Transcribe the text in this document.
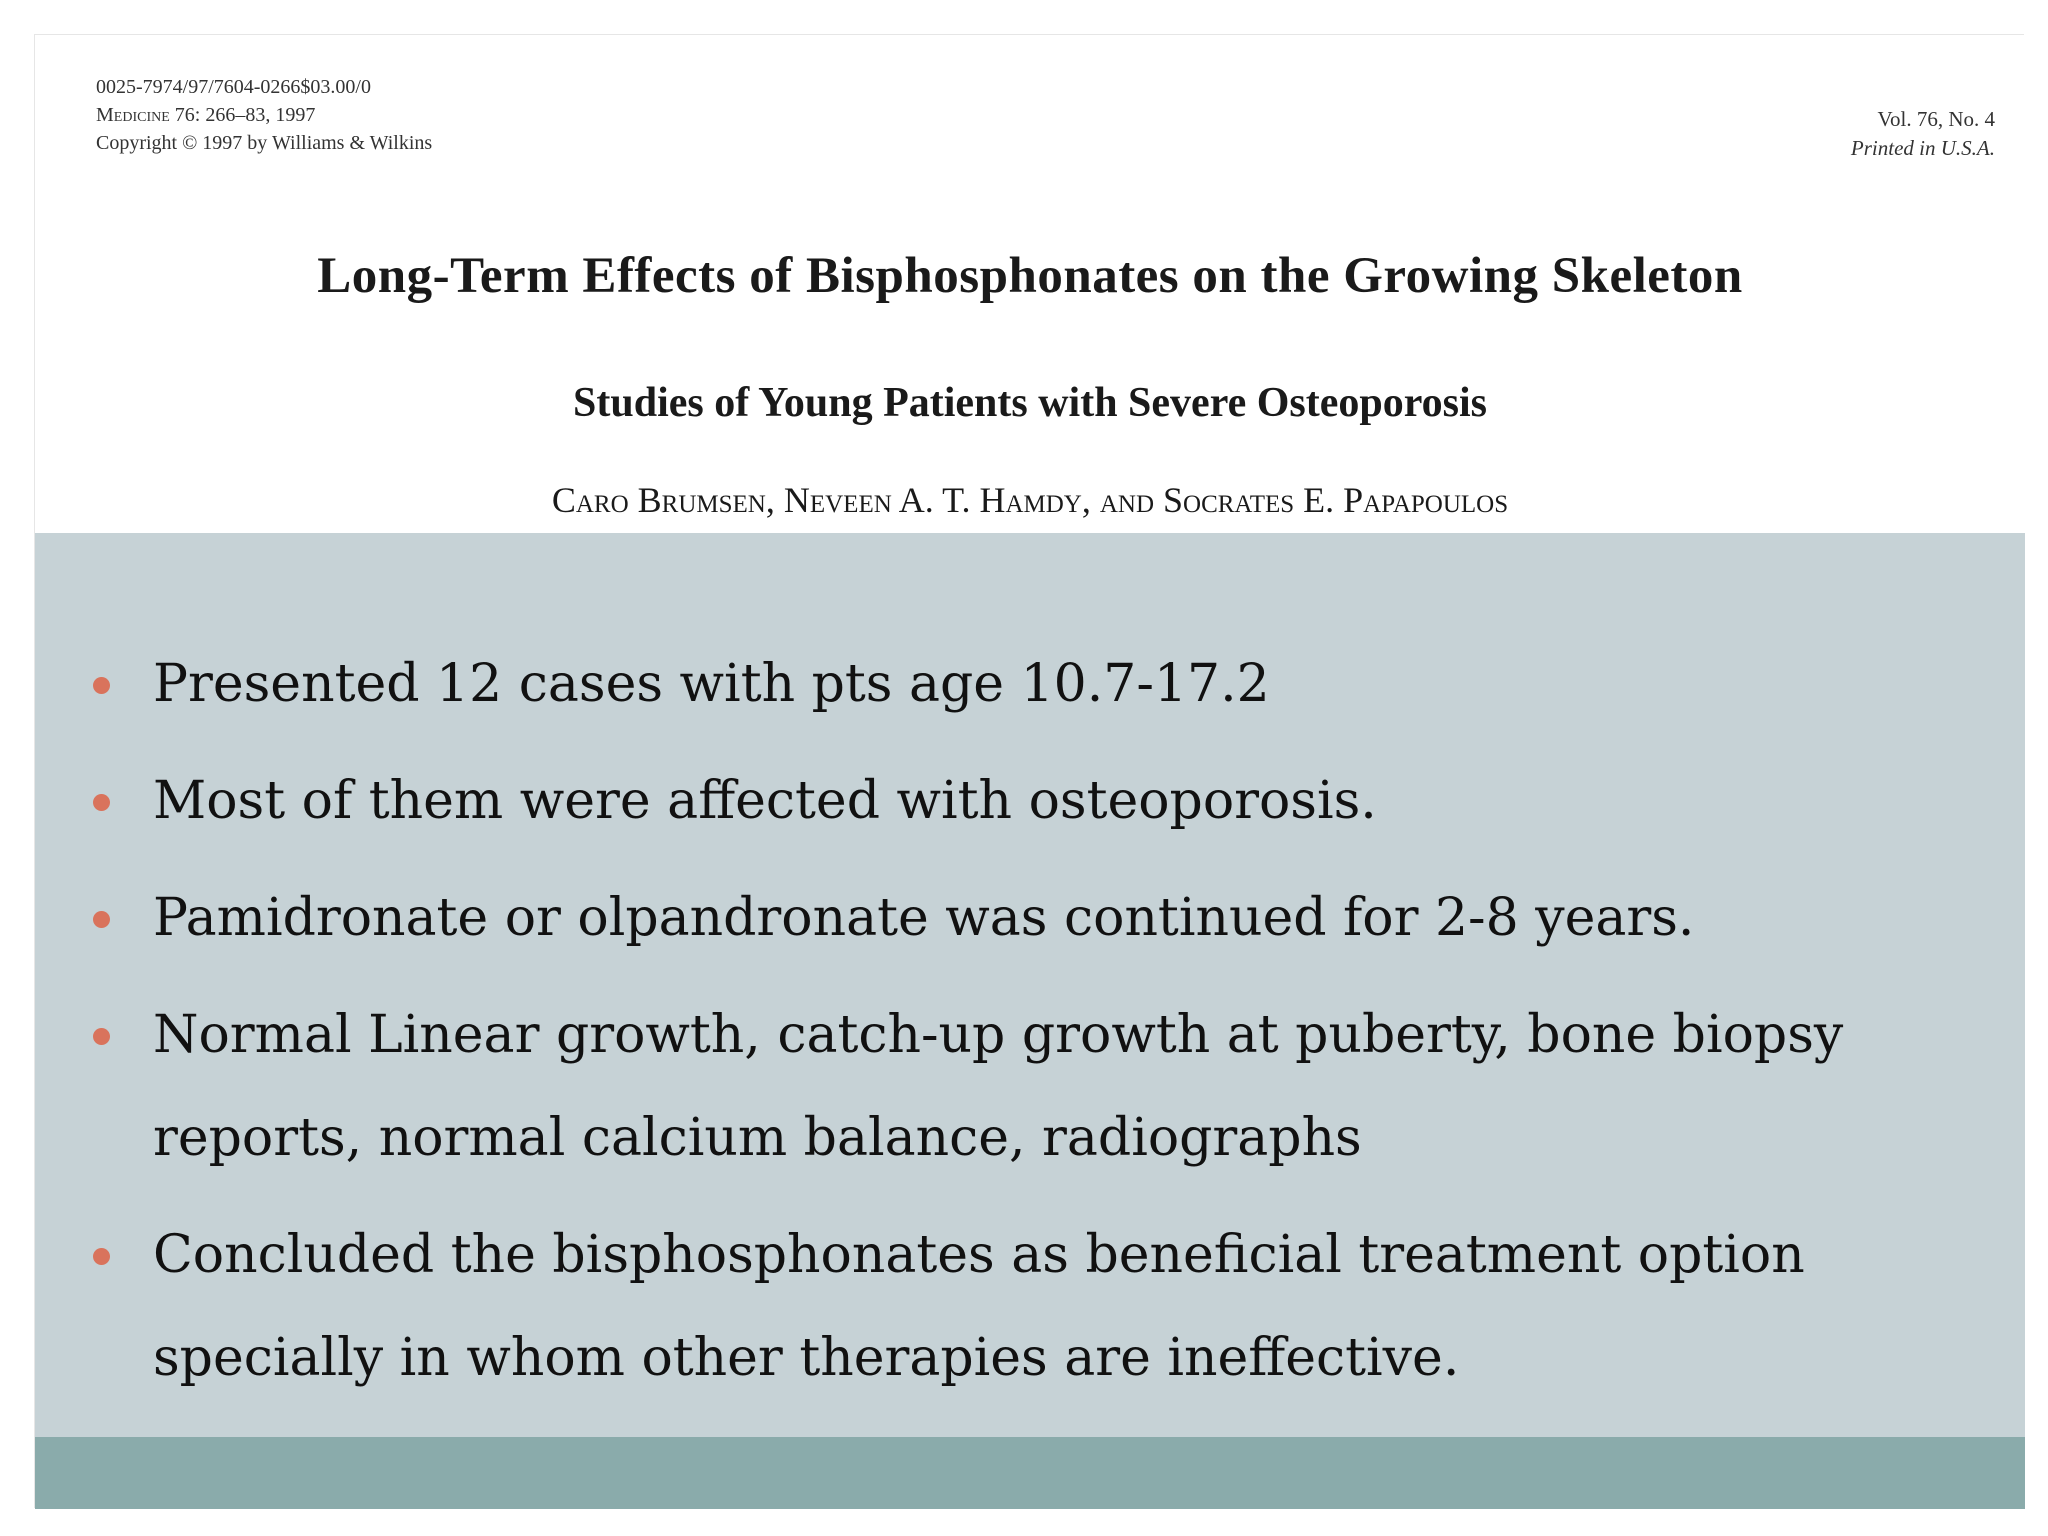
0025-7974/97/7604-0266$03.00/0
Medicine 76: 266–83, 1997
Copyright © 1997 by Williams & Wilkins
Vol. 76, No. 4
Printed in U.S.A.
Long-Term Effects of Bisphosphonates on the Growing Skeleton
Studies of Young Patients with Severe Osteoporosis
Caro Brumsen, Neveen A. T. Hamdy, and Socrates E. Papapoulos
Presented 12 cases with pts age 10.7-17.2
Most of them were affected with osteoporosis.
Pamidronate or olpandronate was continued for 2-8 years.
Normal Linear growth, catch-up growth at puberty, bone biopsy reports, normal calcium balance, radiographs
Concluded the bisphosphonates as beneficial treatment option specially in whom other therapies are ineffective.
